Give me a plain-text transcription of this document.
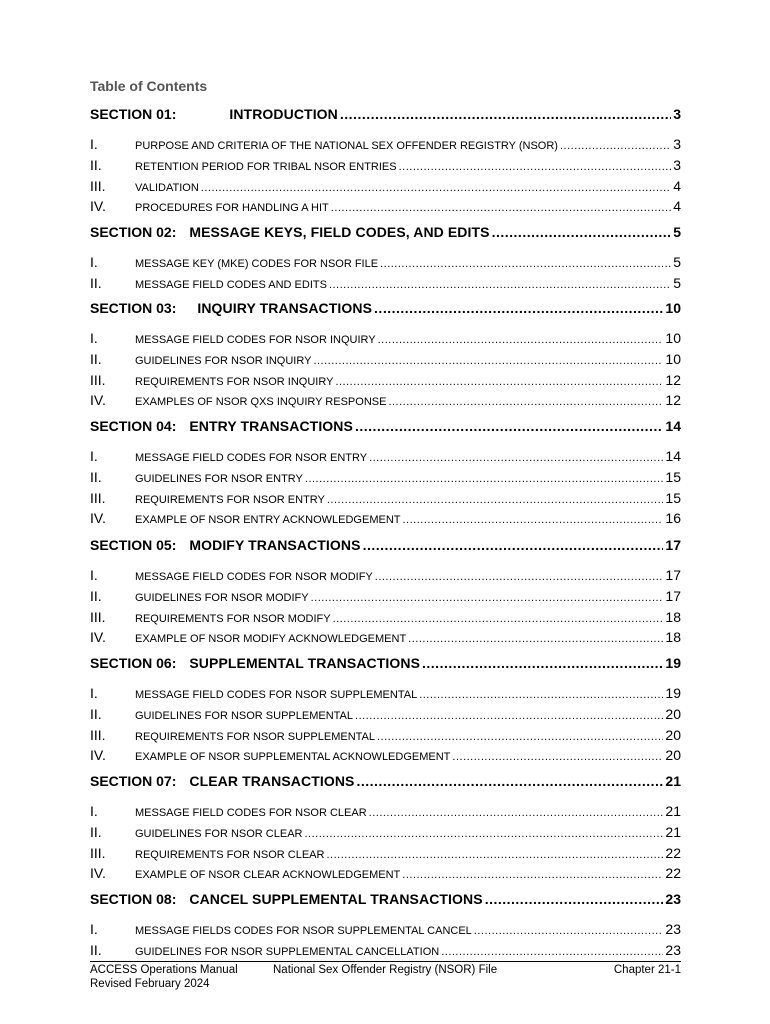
Table of Contents
SECTION 01:	INTRODUCTION .....	3
I.	PURPOSE AND CRITERIA OF THE NATIONAL SEX OFFENDER REGISTRY (NSOR) .....	3
II.	RETENTION PERIOD FOR TRIBAL NSOR ENTRIES .....	3
III.	VALIDATION .....	4
IV.	PROCEDURES FOR HANDLING A HIT .....	4
SECTION 02: MESSAGE KEYS, FIELD CODES, AND EDITS .....	5
I.	MESSAGE KEY (MKE) CODES FOR NSOR FILE .....	5
II.	MESSAGE FIELD CODES AND EDITS .....	5
SECTION 03: INQUIRY TRANSACTIONS .....	10
I.	MESSAGE FIELD CODES FOR NSOR INQUIRY .....	10
II.	GUIDELINES FOR NSOR INQUIRY .....	10
III.	REQUIREMENTS FOR NSOR INQUIRY .....	12
IV.	EXAMPLES OF NSOR QXS INQUIRY RESPONSE .....	12
SECTION 04: ENTRY TRANSACTIONS .....	14
I.	MESSAGE FIELD CODES FOR NSOR ENTRY .....	14
II.	GUIDELINES FOR NSOR ENTRY .....	15
III.	REQUIREMENTS FOR NSOR ENTRY .....	15
IV.	EXAMPLE OF NSOR ENTRY ACKNOWLEDGEMENT .....	16
SECTION 05: MODIFY TRANSACTIONS .....	17
I.	MESSAGE FIELD CODES FOR NSOR MODIFY .....	17
II.	GUIDELINES FOR NSOR MODIFY .....	17
III.	REQUIREMENTS FOR NSOR MODIFY .....	18
IV.	EXAMPLE OF NSOR MODIFY ACKNOWLEDGEMENT .....	18
SECTION 06: SUPPLEMENTAL TRANSACTIONS .....	19
I.	MESSAGE FIELD CODES FOR NSOR SUPPLEMENTAL .....	19
II.	GUIDELINES FOR NSOR SUPPLEMENTAL .....	20
III.	REQUIREMENTS FOR NSOR SUPPLEMENTAL .....	20
IV.	EXAMPLE OF NSOR SUPPLEMENTAL ACKNOWLEDGEMENT .....	20
SECTION 07: CLEAR TRANSACTIONS .....	21
I.	MESSAGE FIELD CODES FOR NSOR CLEAR .....	21
II.	GUIDELINES FOR NSOR CLEAR .....	21
III.	REQUIREMENTS FOR NSOR CLEAR .....	22
IV.	EXAMPLE OF NSOR CLEAR ACKNOWLEDGEMENT .....	22
SECTION 08: CANCEL SUPPLEMENTAL TRANSACTIONS .....	23
I.	MESSAGE FIELDS CODES FOR NSOR SUPPLEMENTAL CANCEL .....	23
II.	GUIDELINES FOR NSOR SUPPLEMENTAL CANCELLATION .....	23
ACCESS Operations Manual
Revised February 2024
National Sex Offender Registry (NSOR) File	Chapter 21-1
